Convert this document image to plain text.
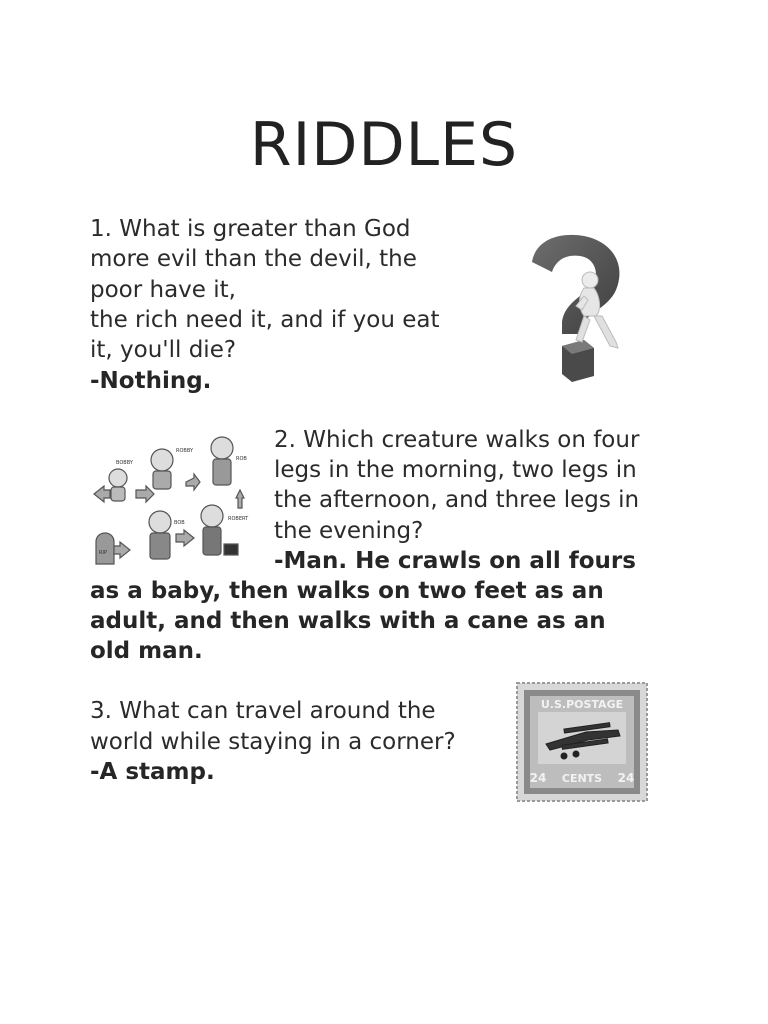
RIDDLES

1. What is greater than God

more evil than the devil, the

poor have it,

the rich need it, and if you eat

it, you'll die?

-Nothing.

BOBBY
ROBBY
ROB
BOB
ROBERT
RIP

2. Which creature walks on four

legs in the morning, two legs in

the afternoon, and three legs in

the evening?

-Man. He crawls on all fours

as a baby, then walks on two feet as an

adult, and then walks with a cane as an

old man.

3. What can travel around the

world while staying in a corner?

-A stamp.

U.S.POSTAGE
CENTS
24	24
